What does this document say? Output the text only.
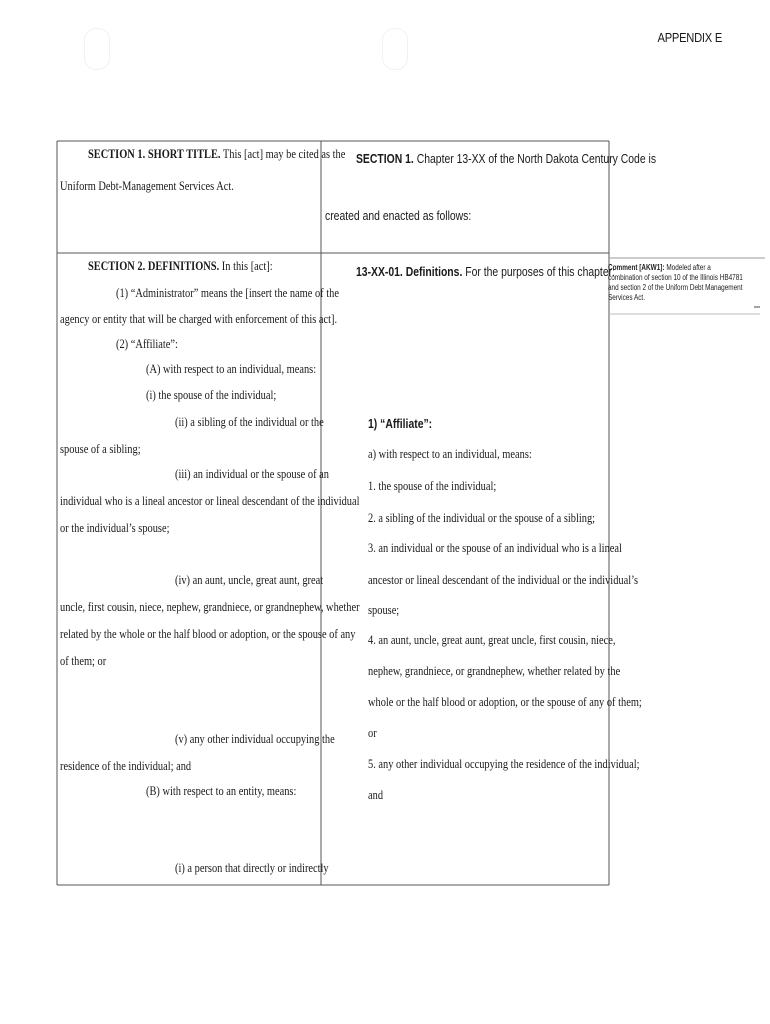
APPENDIX E
SECTION 1. SHORT TITLE. This [act] may be cited as the
Uniform Debt-Management Services Act.
SECTION 2. DEFINITIONS. In this [act]:
(1) “Administrator” means the [insert the name of the
agency or entity that will be charged with enforcement of this act].
(2) “Affiliate”:
(A) with respect to an individual, means:
(i) the spouse of the individual;
(ii) a sibling of the individual or the
spouse of a sibling;
(iii) an individual or the spouse of an
individual who is a lineal ancestor or lineal descendant of the individual
or the individual’s spouse;
(iv) an aunt, uncle, great aunt, great
uncle, first cousin, niece, nephew, grandniece, or grandnephew, whether
related by the whole or the half blood or adoption, or the spouse of any
of them; or
(v) any other individual occupying the
residence of the individual; and
(B) with respect to an entity, means:
(i) a person that directly or indirectly
SECTION 1. Chapter 13-XX of the North Dakota Century Code is
created and enacted as follows:
13-XX-01. Definitions. For the purposes of this chapter:
1) “Affiliate”:
a) with respect to an individual, means:
1. the spouse of the individual;
2. a sibling of the individual or the spouse of a sibling;
3. an individual or the spouse of an individual who is a lineal
ancestor or lineal descendant of the individual or the individual’s
spouse;
4. an aunt, uncle, great aunt, great uncle, first cousin, niece,
nephew, grandniece, or grandnephew, whether related by the
whole or the half blood or adoption, or the spouse of any of them;
or
5. any other individual occupying the residence of the individual;
and
Comment [AKW1]: Modeled after a
combination of section 10 of the Illinois HB4781
and section 2 of the Uniform Debt Management
Services Act.
